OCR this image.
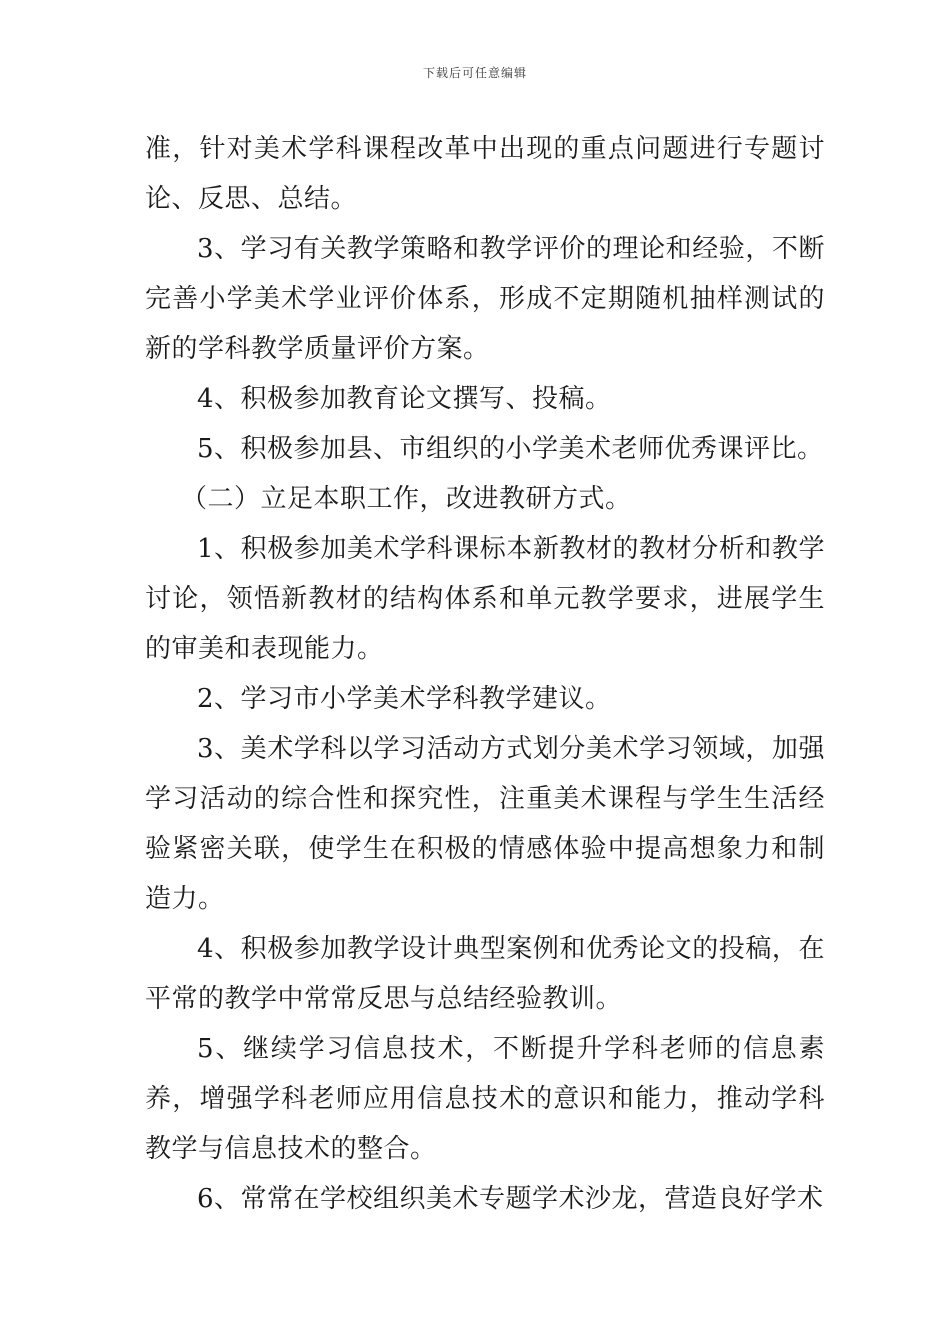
下载后可任意编辑

准，针对美术学科课程改革中出现的重点问题进行专题讨论、反思、总结。

3、学习有关教学策略和教学评价的理论和经验，不断完善小学美术学业评价体系，形成不定期随机抽样测试的新的学科教学质量评价方案。

4、积极参加教育论文撰写、投稿。

5、积极参加县、市组织的小学美术老师优秀课评比。

（二）立足本职工作，改进教研方式。

1、积极参加美术学科课标本新教材的教材分析和教学讨论，领悟新教材的结构体系和单元教学要求，进展学生的审美和表现能力。

2、学习市小学美术学科教学建议。

3、美术学科以学习活动方式划分美术学习领域，加强学习活动的综合性和探究性，注重美术课程与学生生活经验紧密关联，使学生在积极的情感体验中提高想象力和制造力。

4、积极参加教学设计典型案例和优秀论文的投稿，在平常的教学中常常反思与总结经验教训。

5、继续学习信息技术，不断提升学科老师的信息素养，增强学科老师应用信息技术的意识和能力，推动学科教学与信息技术的整合。

6、常常在学校组织美术专题学术沙龙，营造良好学术
